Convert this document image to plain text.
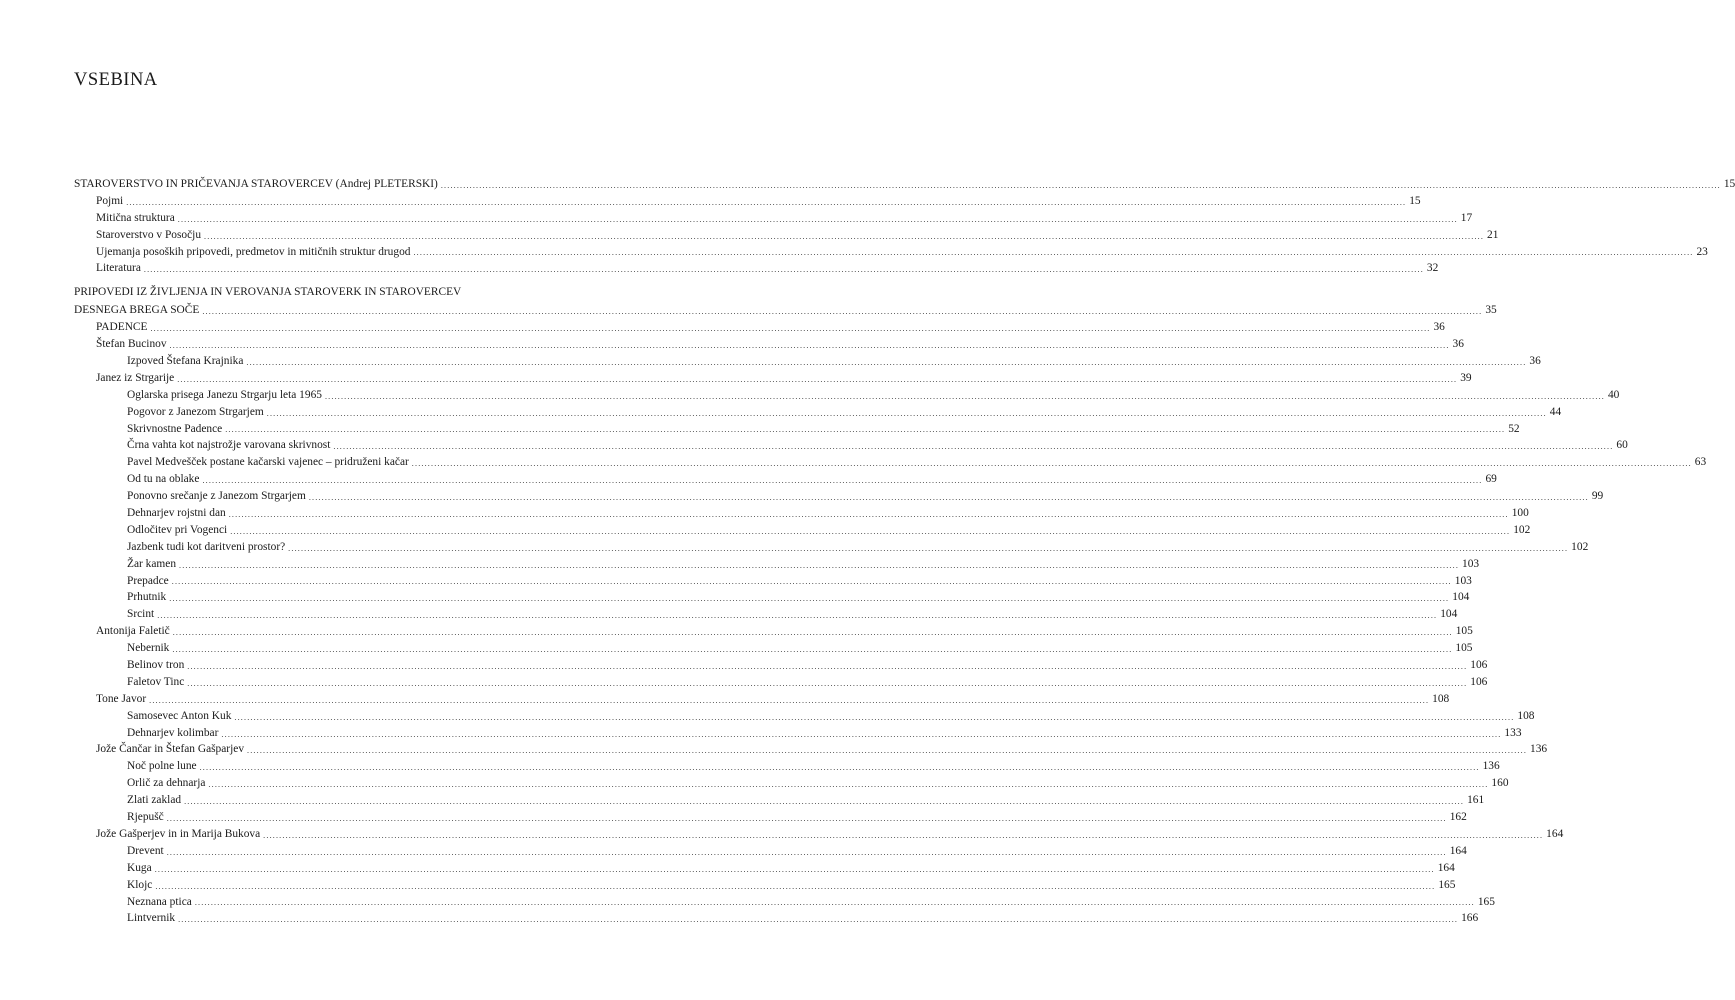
VSEBINA
STAROVERSTVO IN PRIČEVANJA STAROVERCEV (Andrej PLETERSKI) ................................................................................................................................................................................................................................................................................................................................................................................................................ 15
Pojmi ................................................................................................................................................................................................................................................................................................................................................................................................................ 15
Mitična struktura ................................................................................................................................................................................................................................................................................................................................................................................................................ 17
Staroverstvo v Posočju ................................................................................................................................................................................................................................................................................................................................................................................................................ 21
Ujemanja posoških pripovedi, predmetov in mitičnih struktur drugod ................................................................................................................................................................................................................................................................................................................................................................................................................ 23
Literatura ................................................................................................................................................................................................................................................................................................................................................................................................................ 32
PRIPOVEDI IZ ŽIVLJENJA IN VEROVANJA STAROVERK IN STAROVERCEV
DESNEGA BREGA SOČE ................................................................................................................................................................................................................................................................................................................................................................................................................ 35
PADENCE ................................................................................................................................................................................................................................................................................................................................................................................................................ 36
Štefan Bucinov ................................................................................................................................................................................................................................................................................................................................................................................................................ 36
Izpoved Štefana Krajnika ................................................................................................................................................................................................................................................................................................................................................................................................................ 36
Janez iz Strgarije ................................................................................................................................................................................................................................................................................................................................................................................................................ 39
Oglarska prisega Janezu Strgarju leta 1965 ................................................................................................................................................................................................................................................................................................................................................................................................................ 40
Pogovor z Janezom Strgarjem ................................................................................................................................................................................................................................................................................................................................................................................................................ 44
Skrivnostne Padence ................................................................................................................................................................................................................................................................................................................................................................................................................ 52
Črna vahta kot najstrožje varovana skrivnost ................................................................................................................................................................................................................................................................................................................................................................................................................ 60
Pavel Medvešček postane kačarski vajenec – pridruženi kačar ................................................................................................................................................................................................................................................................................................................................................................................................................ 63
Od tu na oblake ................................................................................................................................................................................................................................................................................................................................................................................................................ 69
Ponovno srečanje z Janezom Strgarjem ................................................................................................................................................................................................................................................................................................................................................................................................................ 99
Dehnarjev rojstni dan ................................................................................................................................................................................................................................................................................................................................................................................................................ 100
Odločitev pri Vogenci ................................................................................................................................................................................................................................................................................................................................................................................................................ 102
Jazbenk tudi kot daritveni prostor? ................................................................................................................................................................................................................................................................................................................................................................................................................ 102
Žar kamen ................................................................................................................................................................................................................................................................................................................................................................................................................ 103
Prepadce ................................................................................................................................................................................................................................................................................................................................................................................................................ 103
Prhutnik ................................................................................................................................................................................................................................................................................................................................................................................................................ 104
Srcint ................................................................................................................................................................................................................................................................................................................................................................................................................ 104
Antonija Faletič ................................................................................................................................................................................................................................................................................................................................................................................................................ 105
Nebernik ................................................................................................................................................................................................................................................................................................................................................................................................................ 105
Belinov tron ................................................................................................................................................................................................................................................................................................................................................................................................................ 106
Faletov Tinc ................................................................................................................................................................................................................................................................................................................................................................................................................ 106
Tone Javor ................................................................................................................................................................................................................................................................................................................................................................................................................ 108
Samosevec Anton Kuk ................................................................................................................................................................................................................................................................................................................................................................................................................ 108
Dehnarjev kolimbar ................................................................................................................................................................................................................................................................................................................................................................................................................ 133
Jože Čančar in Štefan Gašparjev ................................................................................................................................................................................................................................................................................................................................................................................................................ 136
Noč polne lune ................................................................................................................................................................................................................................................................................................................................................................................................................ 136
Orlič za dehnarja ................................................................................................................................................................................................................................................................................................................................................................................................................ 160
Zlati zaklad ................................................................................................................................................................................................................................................................................................................................................................................................................ 161
Rjepušč ................................................................................................................................................................................................................................................................................................................................................................................................................ 162
Jože Gašperjev in in Marija Bukova ................................................................................................................................................................................................................................................................................................................................................................................................................ 164
Drevent ................................................................................................................................................................................................................................................................................................................................................................................................................ 164
Kuga ................................................................................................................................................................................................................................................................................................................................................................................................................ 164
Klojc ................................................................................................................................................................................................................................................................................................................................................................................................................ 165
Neznana ptica ................................................................................................................................................................................................................................................................................................................................................................................................................ 165
Lintvernik ................................................................................................................................................................................................................................................................................................................................................................................................................ 166
